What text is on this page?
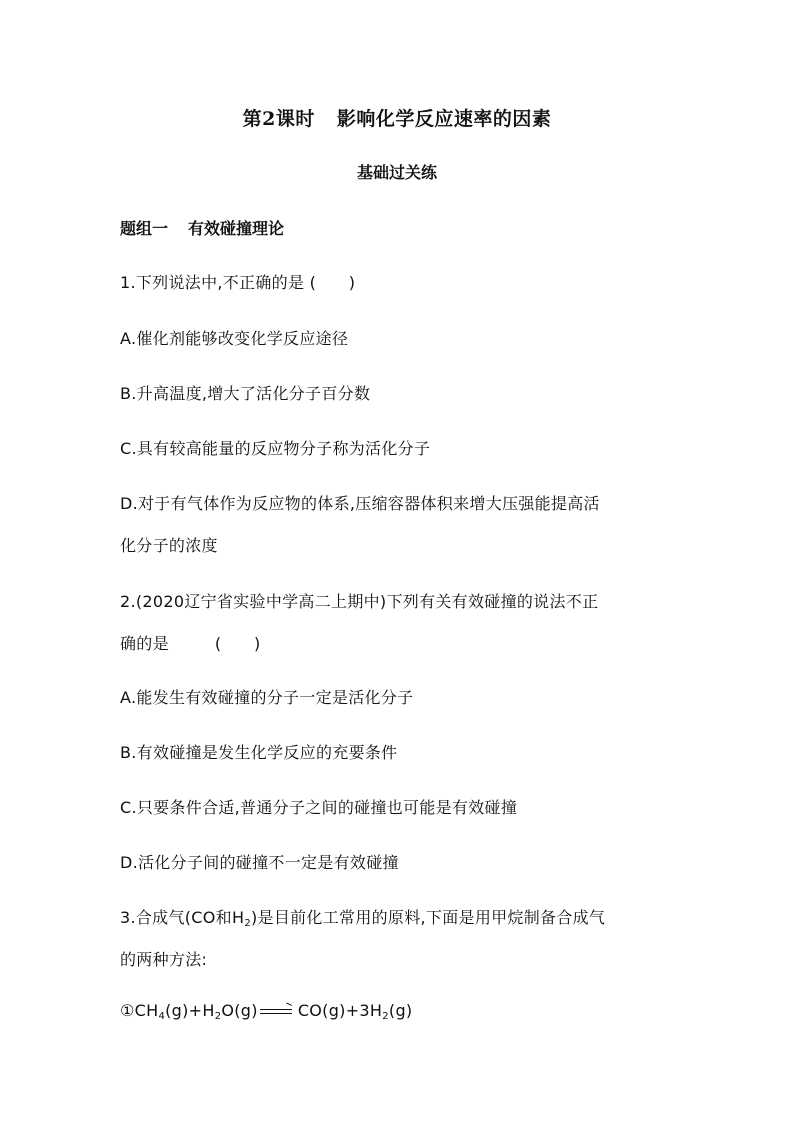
第2课时 影响化学反应速率的因素
基础过关练
题组一 有效碰撞理论
1.下列说法中,不正确的是 (　　)
A.催化剂能够改变化学反应途径
B.升高温度,增大了活化分子百分数
C.具有较高能量的反应物分子称为活化分子
D.对于有气体作为反应物的体系,压缩容器体积来增大压强能提高活
化分子的浓度
2.(2020辽宁省实验中学高二上期中)下列有关有效碰撞的说法不正
确的是	(　　)
A.能发生有效碰撞的分子一定是活化分子
B.有效碰撞是发生化学反应的充要条件
C.只要条件合适,普通分子之间的碰撞也可能是有效碰撞
D.活化分子间的碰撞不一定是有效碰撞
3.合成气(CO和$H_2$)是目前化工常用的原料,下面是用甲烷制备合成气
的两种方法:
$①CH_4(g)+H_2O(g) \to CO(g)+3H_2(g)$
